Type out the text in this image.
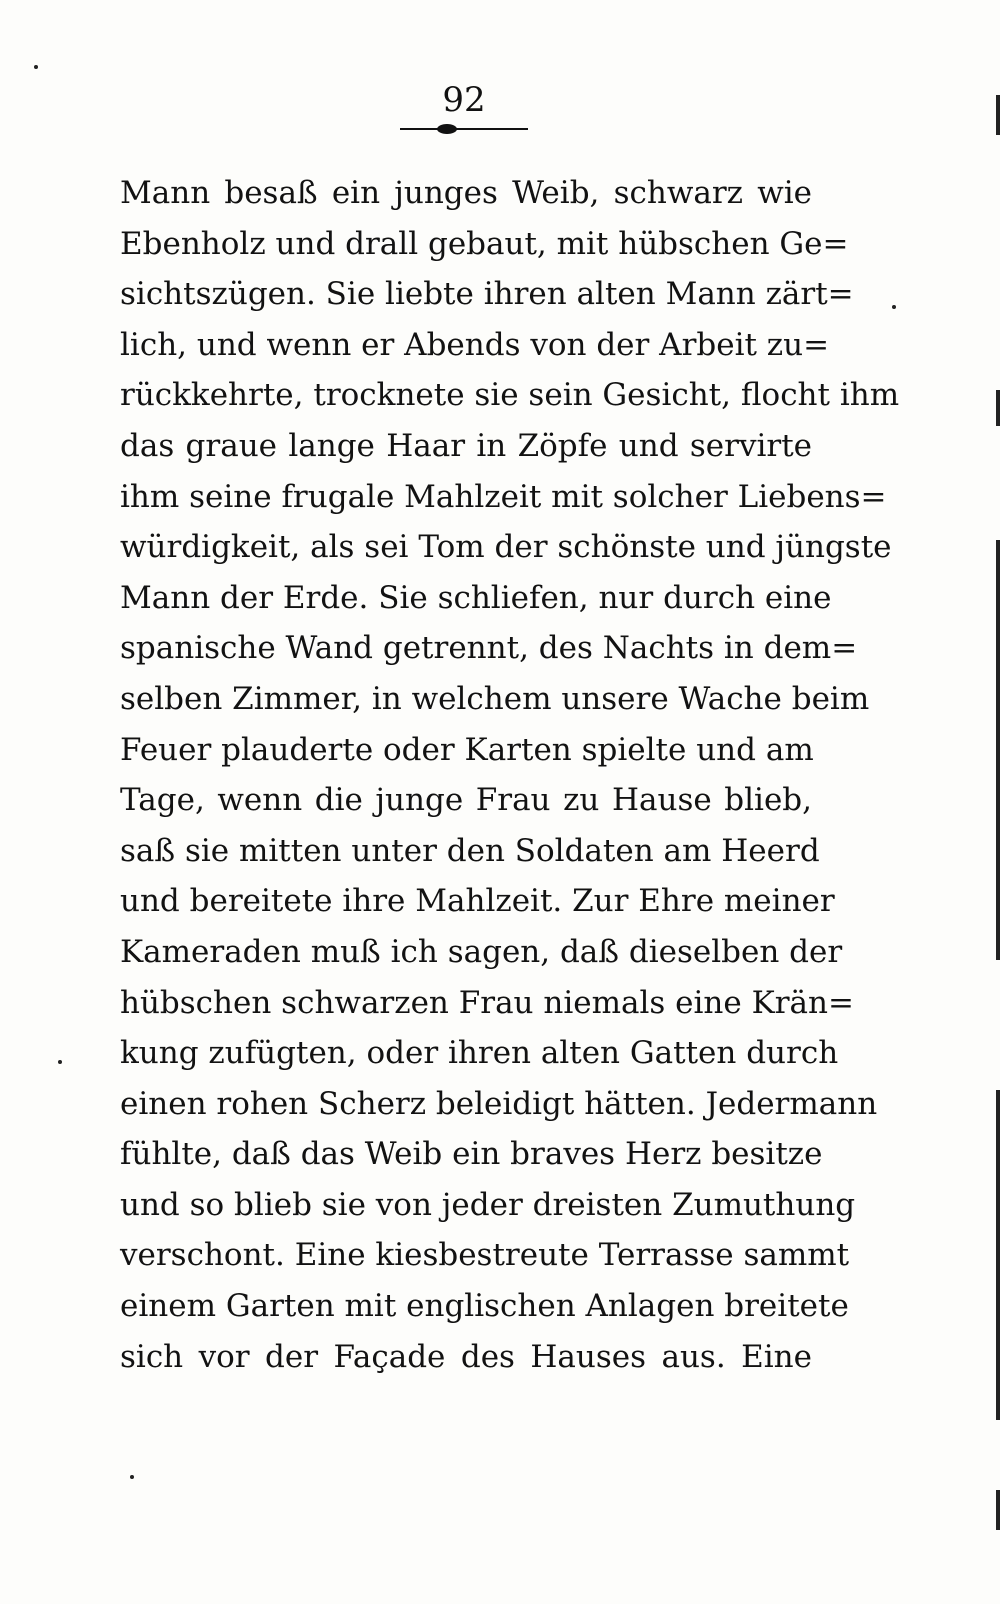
92
Mann besaß ein junges Weib, schwarz wie
Ebenholz und drall gebaut, mit hübschen Ge=
sichtszügen. Sie liebte ihren alten Mann zärt=
lich, und wenn er Abends von der Arbeit zu=
rückkehrte, trocknete sie sein Gesicht, flocht ihm
das graue lange Haar in Zöpfe und servirte
ihm seine frugale Mahlzeit mit solcher Liebens=
würdigkeit, als sei Tom der schönste und jüngste
Mann der Erde. Sie schliefen, nur durch eine
spanische Wand getrennt, des Nachts in dem=
selben Zimmer, in welchem unsere Wache beim
Feuer plauderte oder Karten spielte und am
Tage, wenn die junge Frau zu Hause blieb,
saß sie mitten unter den Soldaten am Heerd
und bereitete ihre Mahlzeit. Zur Ehre meiner
Kameraden muß ich sagen, daß dieselben der
hübschen schwarzen Frau niemals eine Krän=
kung zufügten, oder ihren alten Gatten durch
einen rohen Scherz beleidigt hätten. Jedermann
fühlte, daß das Weib ein braves Herz besitze
und so blieb sie von jeder dreisten Zumuthung
verschont. Eine kiesbestreute Terrasse sammt
einem Garten mit englischen Anlagen breitete
sich vor der Façade des Hauses aus. Eine
